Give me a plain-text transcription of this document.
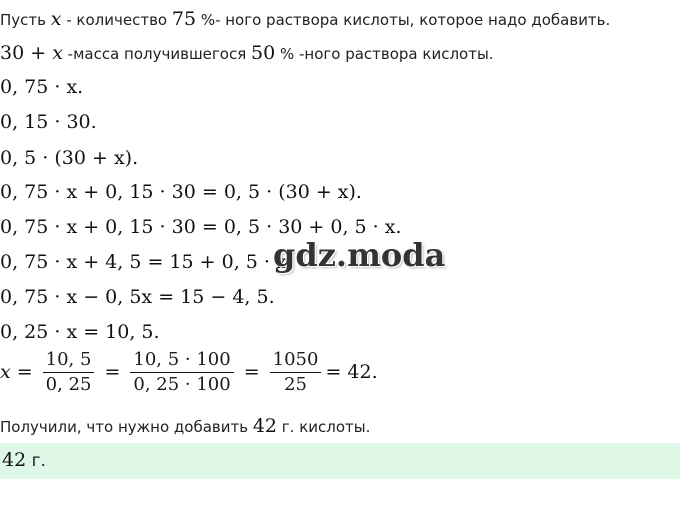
Пусть x - количество 75 %- ного раствора кислоты, которое надо добавить.
30 + x -масса получившегося 50 % -ного раствора кислоты.
0, 75 · x.
0, 15 · 30.
0, 5 · (30 + x).
0, 75 · x + 0, 15 · 30 = 0, 5 · (30 + x).
0, 75 · x + 0, 15 · 30 = 0, 5 · 30 + 0, 5 · x.
0, 75 · x + 4, 5 = 15 + 0, 5 · x.
0, 75 · x − 0, 5x = 15 − 4, 5.
0, 25 · x = 10, 5.
$x = \frac{10, 5}{0, 25} = \frac{10, 5 \cdot 100}{0, 25 \cdot 100} = \frac{1050}{25} = 42$.
Получили, что нужно добавить 42 г. кислоты.
42 г.
gdz.moda
